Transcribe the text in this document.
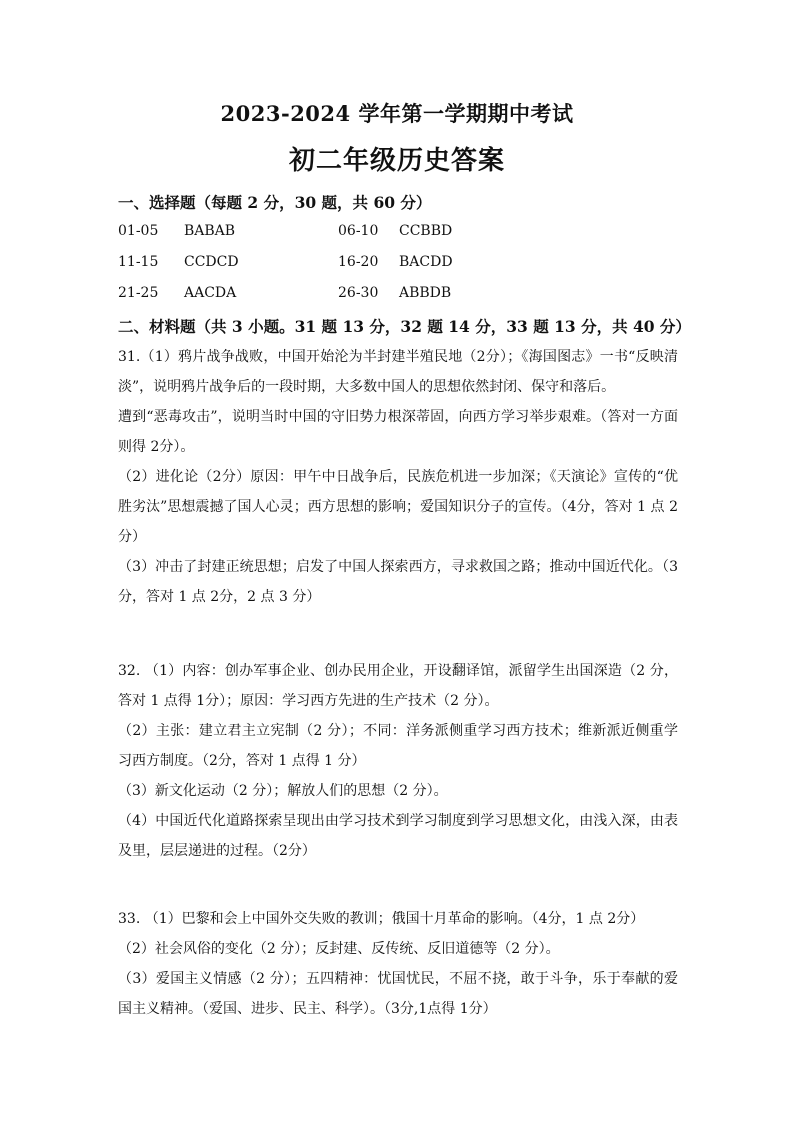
2023-2024 学年第一学期期中考试
初二年级历史答案
一、选择题（每题 2 分，30 题，共 60 分）
01-05 BABAB	06-10 CCBBD
11-15 CCDCD	16-20 BACDD
21-25 AACDA	26-30 ABBDB
二、材料题（共 3 小题。31 题 13 分，32 题 14 分，33 题 13 分，共 40 分）

31.（1）鸦片战争战败，中国开始沦为半封建半殖民地（2分）；《海国图志》一书“反映清淡”，说明鸦片战争后的一段时期，大多数中国人的思想依然封闭、保守和落后。

遭到“恶毒攻击”，说明当时中国的守旧势力根深蒂固，向西方学习举步艰难。（答对一方面则得 2分）。

（2）进化论（2分）原因：甲午中日战争后，民族危机进一步加深；《天演论》宣传的“优胜劣汰”思想震撼了国人心灵；西方思想的影响；爱国知识分子的宣传。（4分，答对 1 点 2 分）

（3）冲击了封建正统思想；启发了中国人探索西方，寻求救国之路；推动中国近代化。（3 分，答对 1 点 2分，2 点 3 分）

32. （1）内容：创办军事企业、创办民用企业，开设翻译馆，派留学生出国深造（2 分，答对 1 点得 1分）；原因：学习西方先进的生产技术（2 分）。

（2）主张：建立君主立宪制（2 分）；不同：洋务派侧重学习西方技术；维新派近侧重学习西方制度。（2分，答对 1 点得 1 分）

（3）新文化运动（2 分）；解放人们的思想（2 分）。

（4）中国近代化道路探索呈现出由学习技术到学习制度到学习思想文化，由浅入深，由表及里，层层递进的过程。（2分）

33. （1）巴黎和会上中国外交失败的教训；俄国十月革命的影响。（4分，1 点 2分）

（2）社会风俗的变化（2 分）；反封建、反传统、反旧道德等（2 分）。

（3）爱国主义情感（2 分）；五四精神：忧国忧民，不屈不挠，敢于斗争，乐于奉献的爱国主义精神。（爱国、进步、民主、科学）。（3分,1点得 1分）
